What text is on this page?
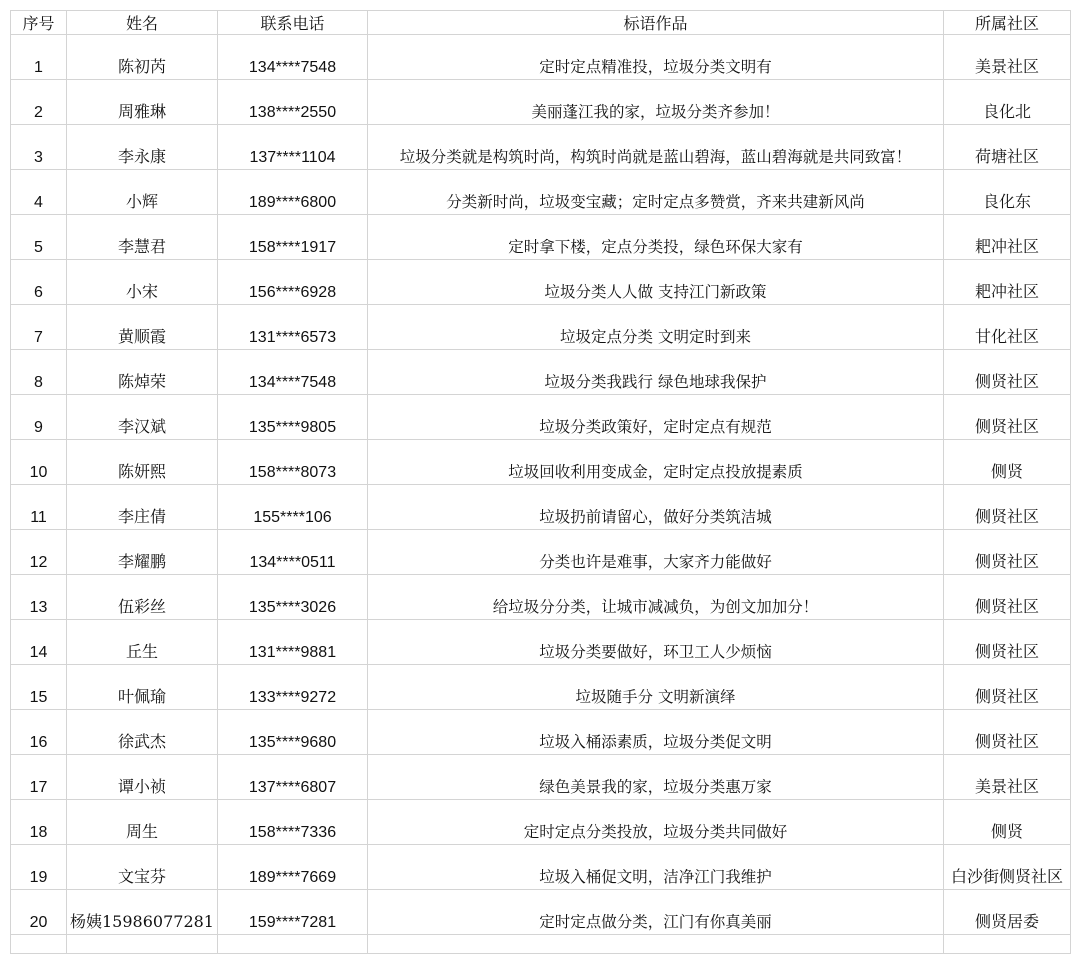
序号	姓名	联系电话	标语作品	所属社区
1	陈初芮	134****7548	定时定点精准投，垃圾分类文明有	美景社区
2	周雅琳	138****2550	美丽蓬江我的家，垃圾分类齐参加！	良化北
3	李永康	137****1104	垃圾分类就是构筑时尚，构筑时尚就是蓝山碧海，蓝山碧海就是共同致富！	荷塘社区
4	小辉	189****6800	分类新时尚，垃圾变宝藏；定时定点多赞赏，齐来共建新风尚	良化东
5	李慧君	158****1917	定时拿下楼，定点分类投，绿色环保大家有	耙冲社区
6	小宋	156****6928	垃圾分类人人做 支持江门新政策	耙冲社区
7	黄顺霞	131****6573	垃圾定点分类 文明定时到来	甘化社区
8	陈焯荣	134****7548	垃圾分类我践行 绿色地球我保护	侧贤社区
9	李汉斌	135****9805	垃圾分类政策好，定时定点有规范	侧贤社区
10	陈妍熙	158****8073	垃圾回收利用变成金，定时定点投放提素质	侧贤
11	李庄倩	155****106	垃圾扔前请留心，做好分类筑洁城	侧贤社区
12	李耀鹏	134****0511	分类也许是难事，大家齐力能做好	侧贤社区
13	伍彩丝	135****3026	给垃圾分分类，让城市减减负，为创文加加分！	侧贤社区
14	丘生	131****9881	垃圾分类要做好，环卫工人少烦恼	侧贤社区
15	叶佩瑜	133****9272	垃圾随手分 文明新演绎	侧贤社区
16	徐武杰	135****9680	垃圾入桶添素质，垃圾分类促文明	侧贤社区
17	谭小祯	137****6807	绿色美景我的家，垃圾分类惠万家	美景社区
18	周生	158****7336	定时定点分类投放，垃圾分类共同做好	侧贤
19	文宝芬	189****7669	垃圾入桶促文明，洁净江门我维护	白沙街侧贤社区
20	杨姨15986077281	159****7281	定时定点做分类，江门有你真美丽	侧贤居委
